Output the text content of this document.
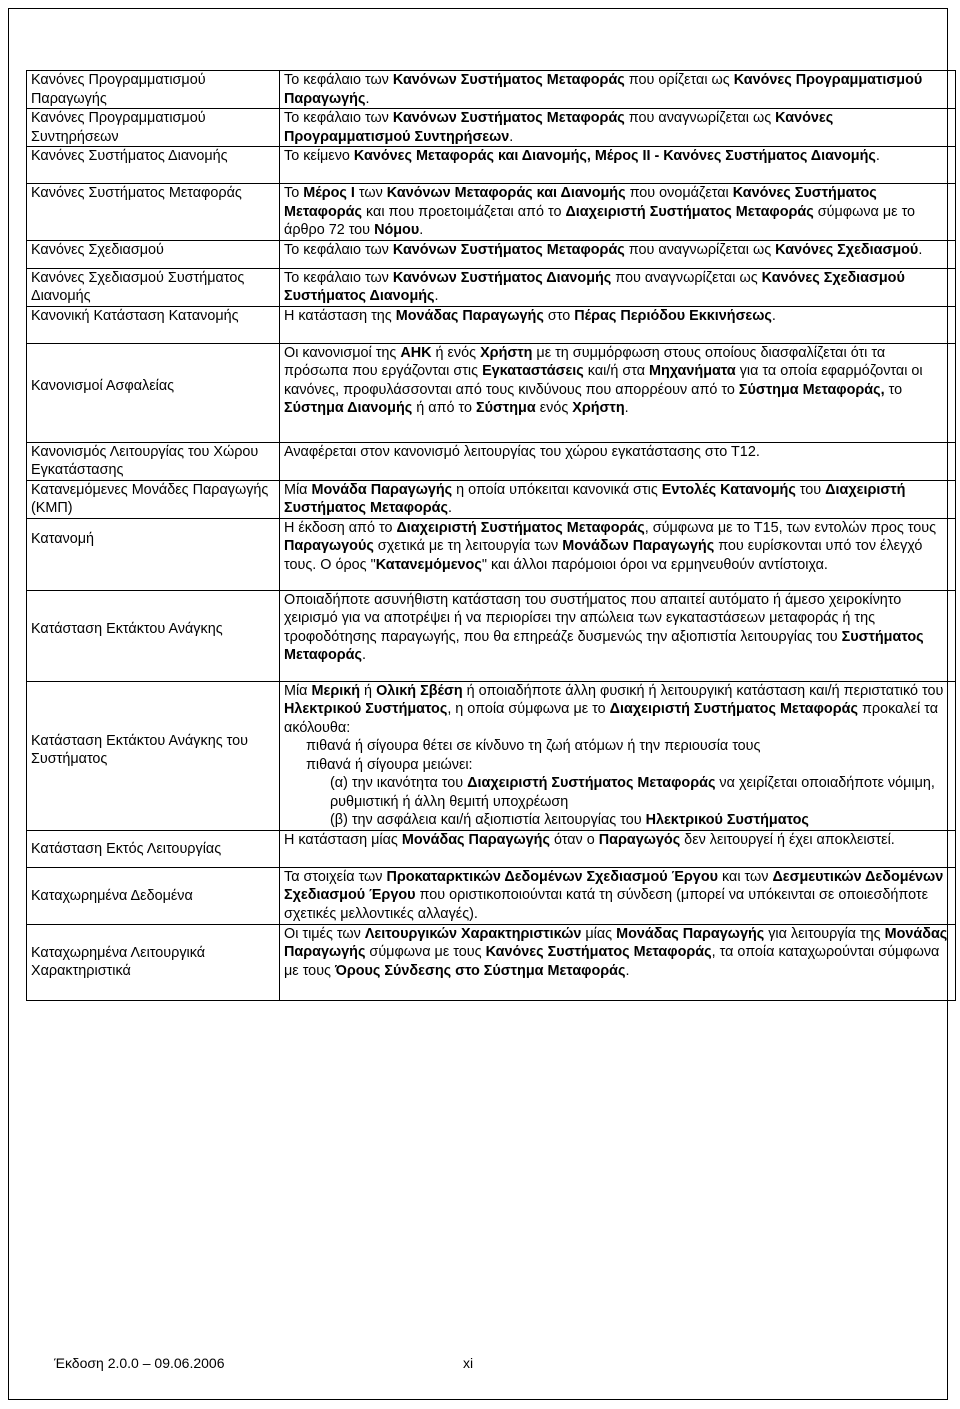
Κανόνες Προγραμματισμού Παραγωγής	Το κεφάλαιο των Κανόνων Συστήματος Μεταφοράς που ορίζεται ως Κανόνες Προγραμματισμού Παραγωγής.
Κανόνες Προγραμματισμού Συντηρήσεων	Το κεφάλαιο των Κανόνων Συστήματος Μεταφοράς που αναγνωρίζεται ως Κανόνες Προγραμματισμού Συντηρήσεων.
Κανόνες Συστήματος Διανομής	Το κείμενο Κανόνες Μεταφοράς και Διανομής, Μέρος ΙΙ - Κανόνες Συστήματος Διανομής.
Κανόνες Συστήματος Μεταφοράς	Το Μέρος Ι των Κανόνων Μεταφοράς και Διανομής που ονομάζεται Κανόνες Συστήματος Μεταφοράς και που προετοιμάζεται από το Διαχειριστή Συστήματος Μεταφοράς σύμφωνα με το άρθρο 72 του Νόμου.
Κανόνες Σχεδιασμού	Το κεφάλαιο των Κανόνων Συστήματος Μεταφοράς που αναγνωρίζεται ως Κανόνες Σχεδιασμού.
Κανόνες Σχεδιασμού Συστήματος Διανομής	Το κεφάλαιο των Κανόνων Συστήματος Διανομής που αναγνωρίζεται ως Κανόνες Σχεδιασμού Συστήματος Διανομής.
Κανονική Κατάσταση Κατανομής	Η κατάσταση της Μονάδας Παραγωγής στο Πέρας Περιόδου Εκκινήσεως.
Κανονισμοί Ασφαλείας	Οι κανονισμοί της ΑΗΚ ή ενός Χρήστη με τη συμμόρφωση στους οποίους διασφαλίζεται ότι τα πρόσωπα που εργάζονται στις Εγκαταστάσεις και/ή στα Μηχανήματα για τα οποία εφαρμόζονται οι κανόνες, προφυλάσσονται από τους κινδύνους που απορρέουν από το Σύστημα Μεταφοράς, το Σύστημα Διανομής ή από το Σύστημα ενός Χρήστη.
Κανονισμός Λειτουργίας του Χώρου Εγκατάστασης	Αναφέρεται στον κανονισμό λειτουργίας του χώρου εγκατάστασης στο Τ12.
Κατανεμόμενες Μονάδες Παραγωγής (ΚΜΠ)	Μία Μονάδα Παραγωγής η οποία υπόκειται κανονικά στις Εντολές Κατανομής του Διαχειριστή Συστήματος Μεταφοράς.
Κατανομή	Η έκδοση από το Διαχειριστή Συστήματος Μεταφοράς, σύμφωνα με το Τ15, των εντολών προς τους Παραγωγούς σχετικά με τη λειτουργία των Μονάδων Παραγωγής που ευρίσκονται υπό τον έλεγχό τους. Ο όρος "Κατανεμόμενος" και άλλοι παρόμοιοι όροι να ερμηνευθούν αντίστοιχα.
Κατάσταση Εκτάκτου Ανάγκης	Οποιαδήποτε ασυνήθιστη κατάσταση του συστήματος που απαιτεί αυτόματο ή άμεσο χειροκίνητο χειρισμό για να αποτρέψει ή να περιορίσει την απώλεια των εγκαταστάσεων μεταφοράς ή της τροφοδότησης παραγωγής, που θα επηρεάζε δυσμενώς την αξιοπιστία λειτουργίας του Συστήματος Μεταφοράς.
Κατάσταση Εκτάκτου Ανάγκης του Συστήματος	Μία Μερική ή Ολική Σβέση ή οποιαδήποτε άλλη φυσική ή λειτουργική κατάσταση και/ή περιστατικό του Ηλεκτρικού Συστήματος, η οποία σύμφωνα με το Διαχειριστή Συστήματος Μεταφοράς προκαλεί τα ακόλουθα:
πιθανά ή σίγουρα θέτει σε κίνδυνο τη ζωή ατόμων ή την περιουσία τους
πιθανά ή σίγουρα μειώνει:
(α) την ικανότητα του Διαχειριστή Συστήματος Μεταφοράς να χειρίζεται οποιαδήποτε νόμιμη, ρυθμιστική ή άλλη θεμιτή υποχρέωση
(β) την ασφάλεια και/ή αξιοπιστία λειτουργίας του Ηλεκτρικού Συστήματος

Κατάσταση Εκτός Λειτουργίας	Η κατάσταση μίας Μονάδας Παραγωγής όταν ο Παραγωγός δεν λειτουργεί ή έχει αποκλειστεί.
Καταχωρημένα Δεδομένα	Τα στοιχεία των Προκαταρκτικών Δεδομένων Σχεδιασμού Έργου και των Δεσμευτικών Δεδομένων Σχεδιασμού Έργου που οριστικοποιούνται κατά τη σύνδεση (μπορεί να υπόκεινται σε οποιεσδήποτε σχετικές μελλοντικές αλλαγές).
Καταχωρημένα Λειτουργικά Χαρακτηριστικά	Οι τιμές των Λειτουργικών Χαρακτηριστικών μίας Μονάδας Παραγωγής για λειτουργία της Μονάδας Παραγωγής σύμφωνα με τους Κανόνες Συστήματος Μεταφοράς, τα οποία καταχωρούνται σύμφωνα με τους Όρους Σύνδεσης στο Σύστημα Μεταφοράς.
Έκδοση 2.0.0 – 09.06.2006	xi
